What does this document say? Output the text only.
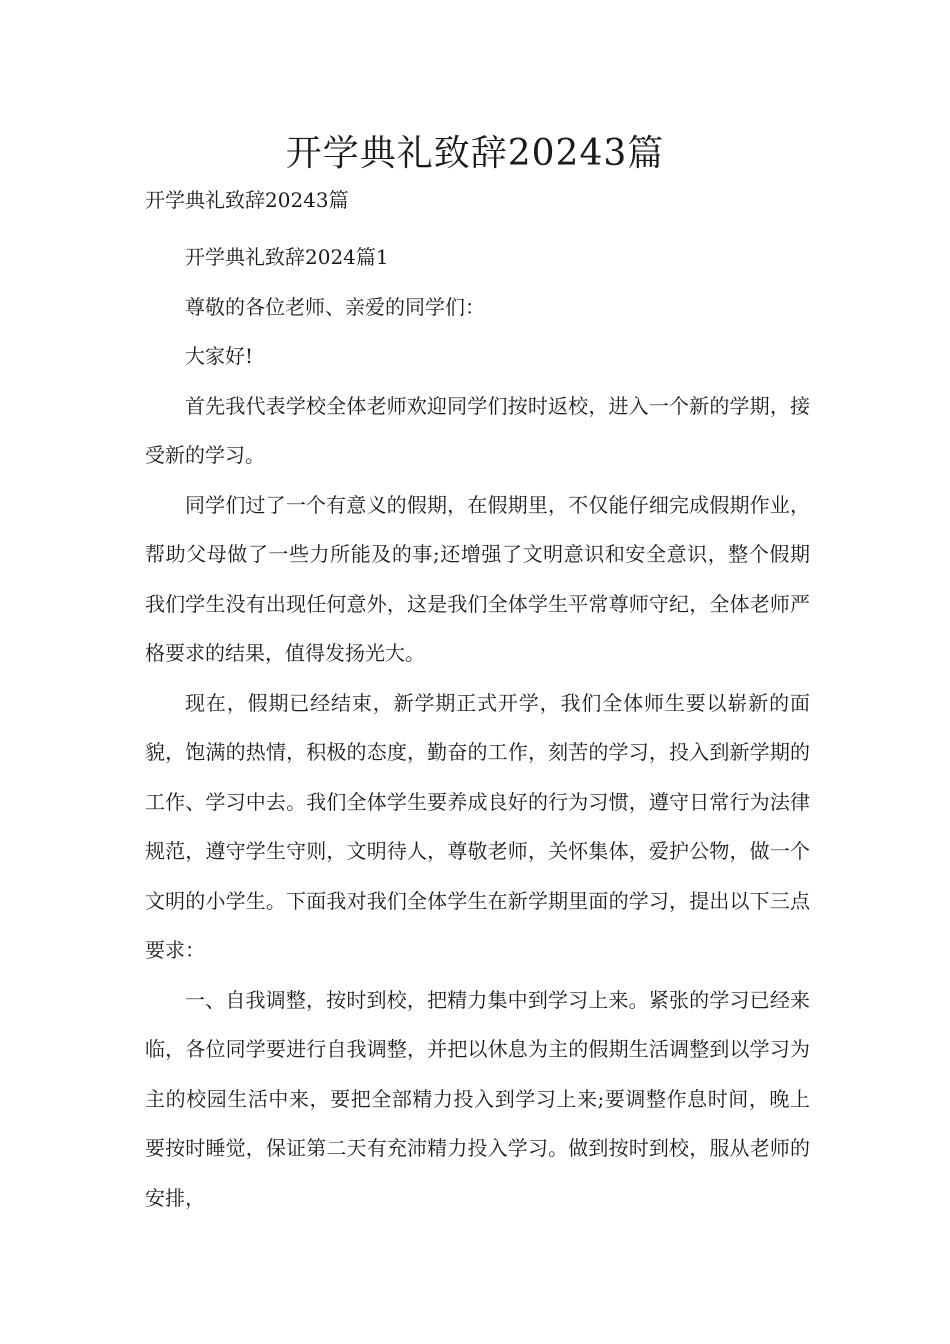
开学典礼致辞20243篇

开学典礼致辞20243篇

开学典礼致辞2024篇1

尊敬的各位老师、亲爱的同学们：

大家好!

首先我代表学校全体老师欢迎同学们按时返校，进入一个新的学期，接受新的学习。

同学们过了一个有意义的假期，在假期里，不仅能仔细完成假期作业，帮助父母做了一些力所能及的事;还增强了文明意识和安全意识，整个假期我们学生没有出现任何意外，这是我们全体学生平常尊师守纪，全体老师严格要求的结果，值得发扬光大。

现在，假期已经结束，新学期正式开学，我们全体师生要以崭新的面貌，饱满的热情，积极的态度，勤奋的工作，刻苦的学习，投入到新学期的工作、学习中去。我们全体学生要养成良好的行为习惯，遵守日常行为法律规范，遵守学生守则，文明待人，尊敬老师，关怀集体，爱护公物，做一个文明的小学生。下面我对我们全体学生在新学期里面的学习，提出以下三点要求：

一、自我调整，按时到校，把精力集中到学习上来。紧张的学习已经来临，各位同学要进行自我调整，并把以休息为主的假期生活调整到以学习为主的校园生活中来，要把全部精力投入到学习上来;要调整作息时间，晚上要按时睡觉，保证第二天有充沛精力投入学习。做到按时到校，服从老师的安排，
